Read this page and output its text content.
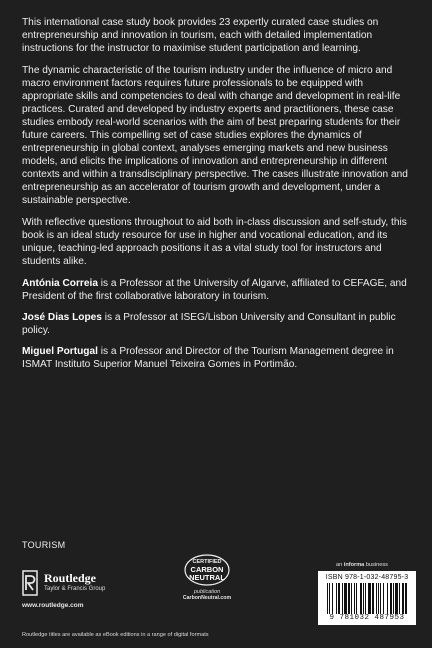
This international case study book provides 23 expertly curated case studies on entrepreneurship and innovation in tourism, each with detailed implementation instructions for the instructor to maximise student participation and learning.

The dynamic characteristic of the tourism industry under the influence of micro and macro environment factors requires future professionals to be equipped with appropriate skills and competencies to deal with change and development in real-life practices. Curated and developed by industry experts and practitioners, these case studies embody real-world scenarios with the aim of best preparing students for their future careers. This compelling set of case studies explores the dynamics of entrepreneurship in global context, analyses emerging markets and new business models, and elicits the implications of innovation and entrepreneurship in different contexts and within a transdisciplinary perspective. The cases illustrate innovation and entrepreneurship as an accelerator of tourism growth and development, under a sustainable perspective.

With reflective questions throughout to aid both in-class discussion and self-study, this book is an ideal study resource for use in higher and vocational education, and its unique, teaching-led approach positions it as a vital study tool for instructors and students alike.

Antónia Correia is a Professor at the University of Algarve, affiliated to CEFAGE, and President of the first collaborative laboratory in tourism.

José Dias Lopes is a Professor at ISEG/Lisbon University and Consultant in public policy.

Miguel Portugal is a Professor and Director of the Tourism Management degree in ISMAT Instituto Superior Manuel Teixeira Gomes in Portimão.

TOURISM
Routledge
Taylor & Francis Group
www.routledge.com
CERTIFIED
CARBON
NEUTRAL
publication
CarbonNeutral.com
an informa business
ISBN 978-1-032-48795-3
9 781032 487953
Routledge titles are available as eBook editions in a range of digital formats
